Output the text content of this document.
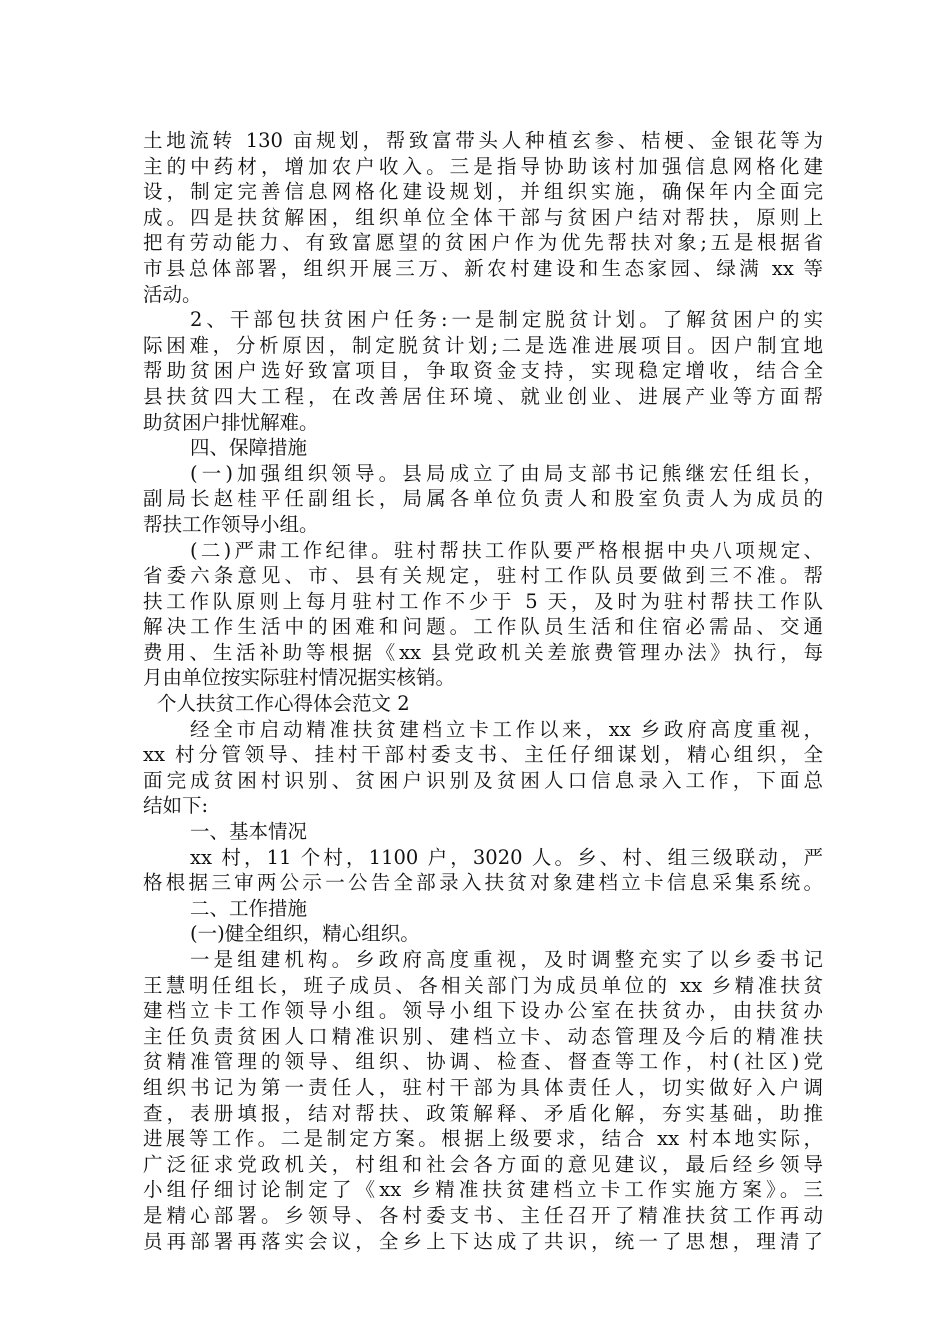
土地流转 130 亩规划，帮致富带头人种植玄参、桔梗、金银花等为
主的中药材，增加农户收入。三是指导协助该村加强信息网格化建
设，制定完善信息网格化建设规划，并组织实施，确保年内全面完
成。四是扶贫解困，组织单位全体干部与贫困户结对帮扶，原则上
把有劳动能力、有致富愿望的贫困户作为优先帮扶对象;五是根据省
市县总体部署，组织开展三万、新农村建设和生态家园、绿满 xx 等
活动。
2、干部包扶贫困户任务:一是制定脱贫计划。了解贫困户的实
际困难，分析原因，制定脱贫计划;二是选准进展项目。因户制宜地
帮助贫困户选好致富项目，争取资金支持，实现稳定增收，结合全
县扶贫四大工程，在改善居住环境、就业创业、进展产业等方面帮
助贫困户排忧解难。
四、保障措施
(一)加强组织领导。县局成立了由局支部书记熊继宏任组长，
副局长赵桂平任副组长，局属各单位负责人和股室负责人为成员的
帮扶工作领导小组。
(二)严肃工作纪律。驻村帮扶工作队要严格根据中央八项规定、
省委六条意见、市、县有关规定，驻村工作队员要做到三不准。帮
扶工作队原则上每月驻村工作不少于 5 天，及时为驻村帮扶工作队
解决工作生活中的困难和问题。工作队员生活和住宿必需品、交通
费用、生活补助等根据《xx 县党政机关差旅费管理办法》执行，每
月由单位按实际驻村情况据实核销。
个人扶贫工作心得体会范文 2
经全市启动精准扶贫建档立卡工作以来，xx 乡政府高度重视，
xx 村分管领导、挂村干部村委支书、主任仔细谋划，精心组织，全
面完成贫困村识别、贫困户识别及贫困人口信息录入工作，下面总
结如下:
一、基本情况
xx 村，11 个村，1100 户，3020 人。乡、村、组三级联动，严
格根据三审两公示一公告全部录入扶贫对象建档立卡信息采集系统。
二、工作措施
(一)健全组织，精心组织。
一是组建机构。乡政府高度重视，及时调整充实了以乡委书记
王慧明任组长，班子成员、各相关部门为成员单位的 xx 乡精准扶贫
建档立卡工作领导小组。领导小组下设办公室在扶贫办，由扶贫办
主任负责贫困人口精准识别、建档立卡、动态管理及今后的精准扶
贫精准管理的领导、组织、协调、检查、督查等工作，村(社区)党
组织书记为第一责任人，驻村干部为具体责任人，切实做好入户调
查，表册填报，结对帮扶、政策解释、矛盾化解，夯实基础，助推
进展等工作。二是制定方案。根据上级要求，结合 xx 村本地实际，
广泛征求党政机关，村组和社会各方面的意见建议，最后经乡领导
小组仔细讨论制定了《xx 乡精准扶贫建档立卡工作实施方案》。三
是精心部署。乡领导、各村委支书、主任召开了精准扶贫工作再动
员再部署再落实会议，全乡上下达成了共识，统一了思想，理清了
